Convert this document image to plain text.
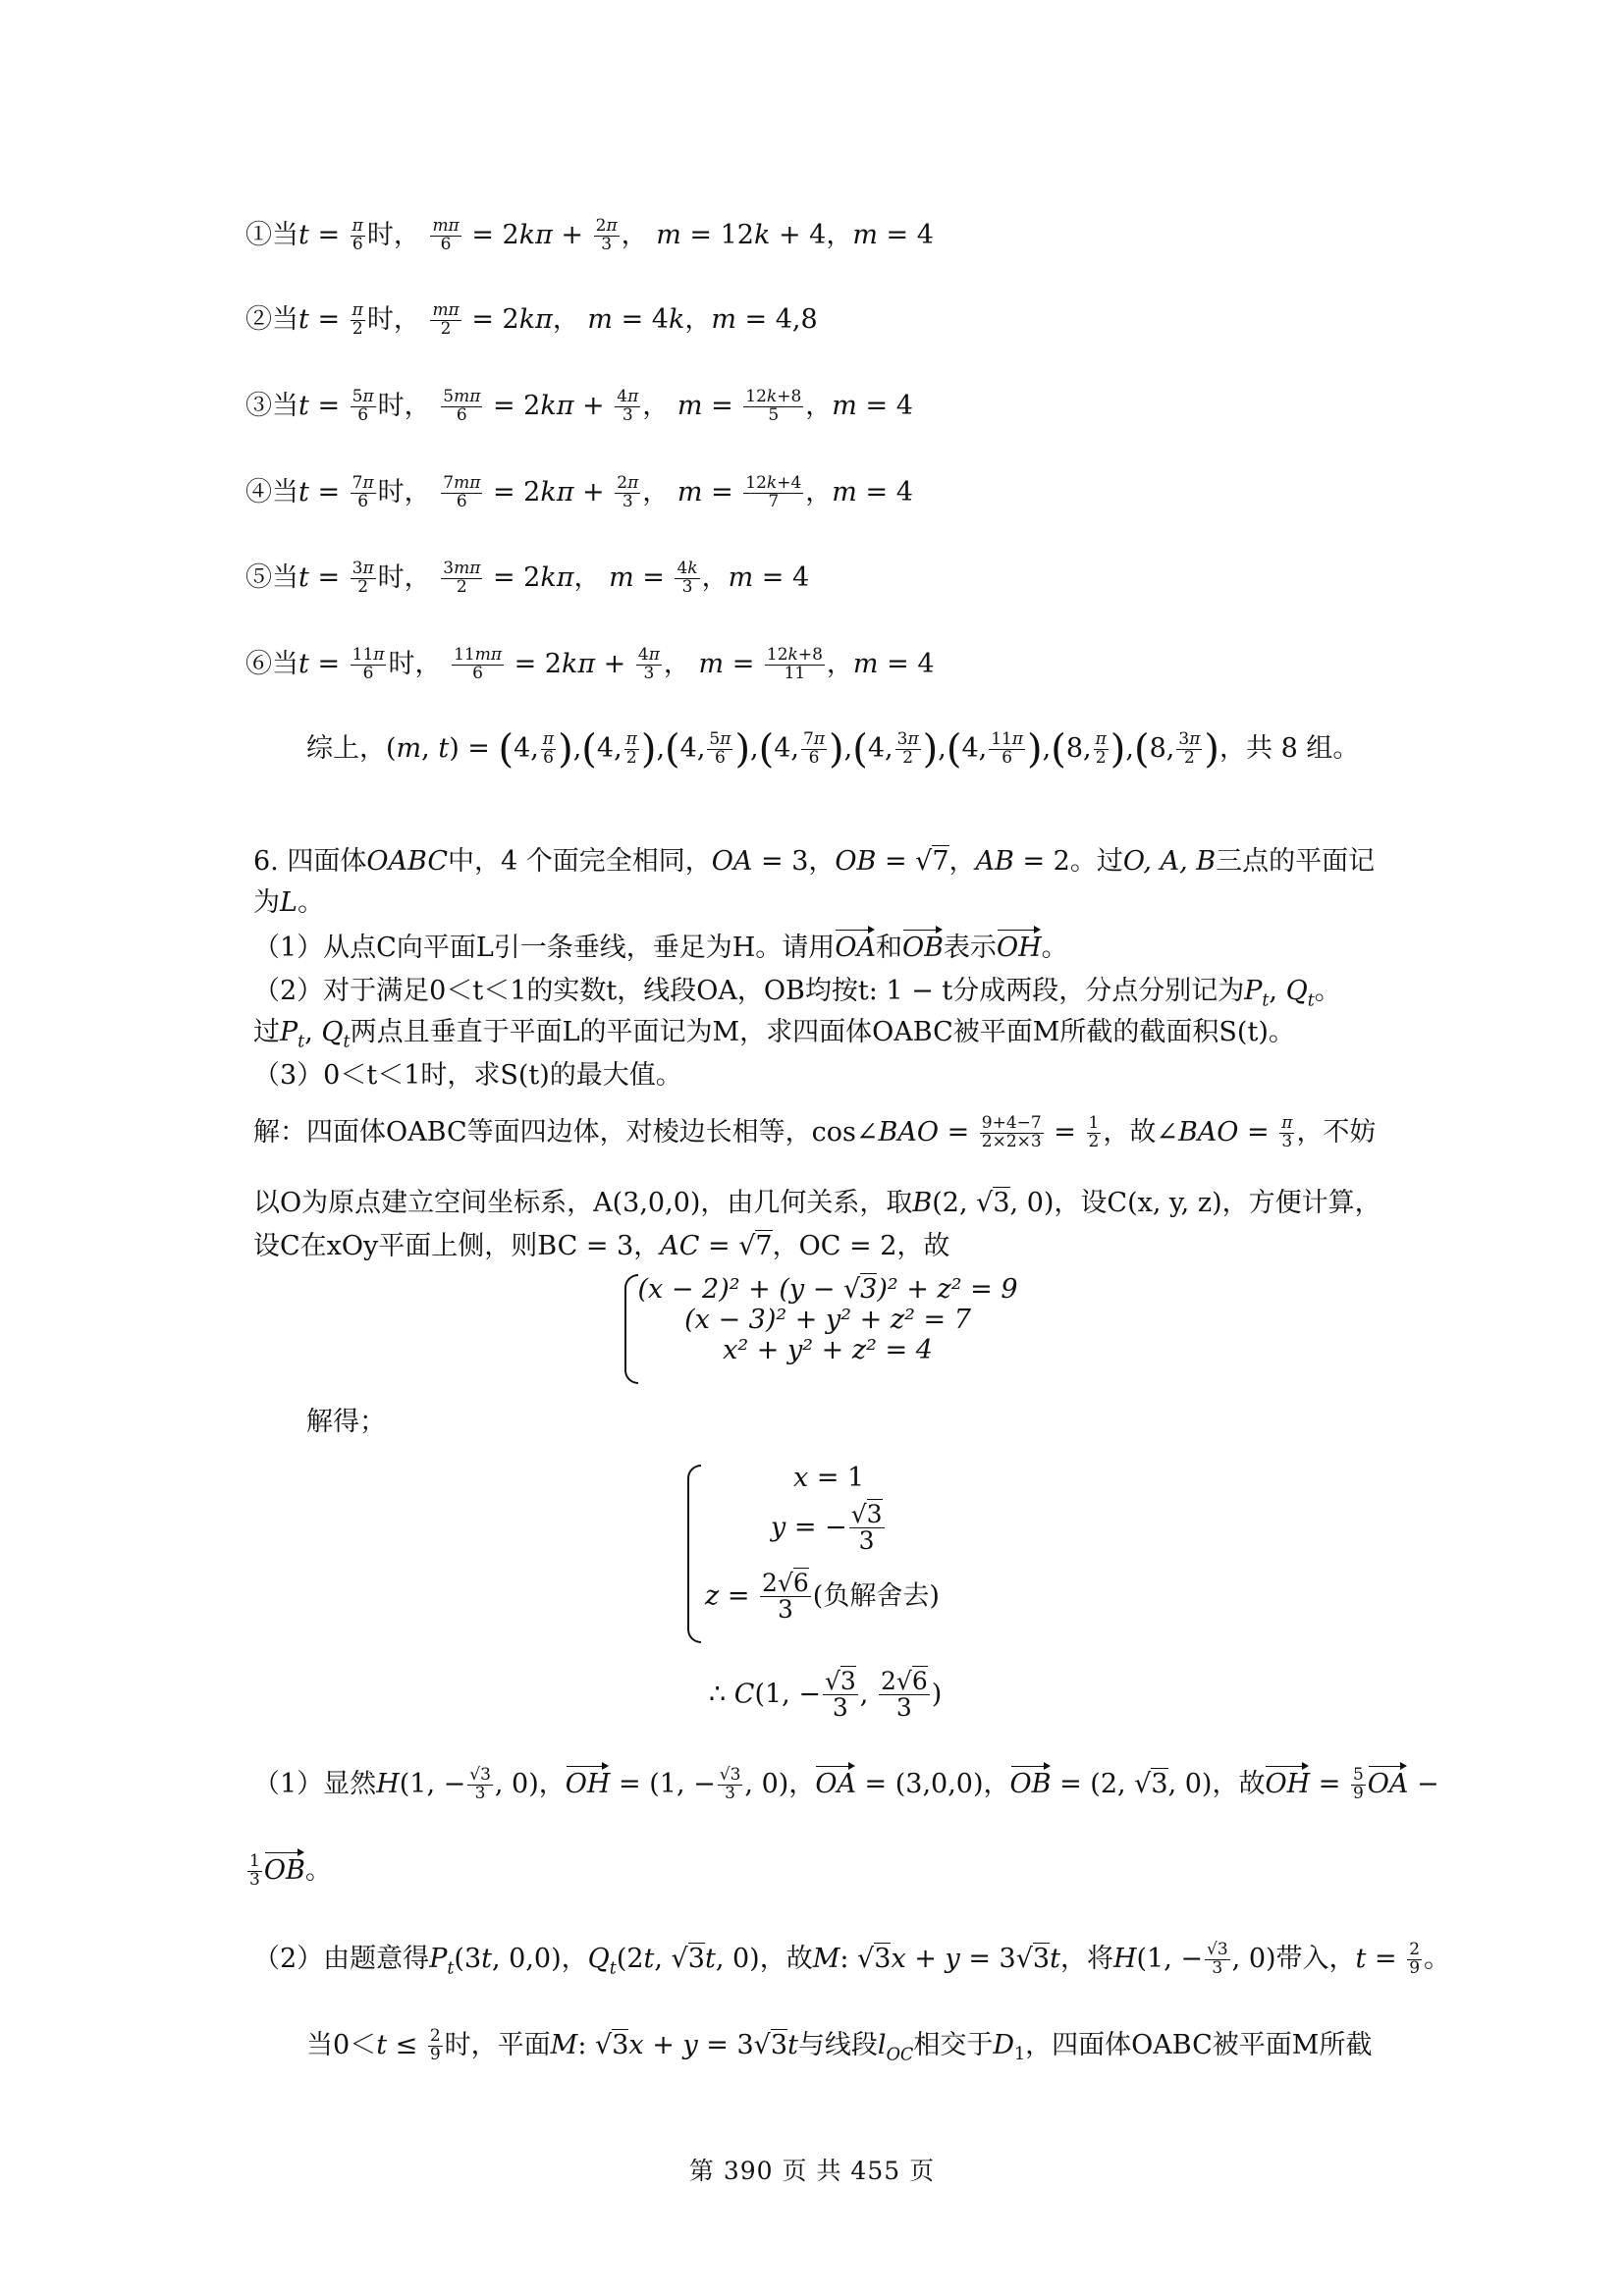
①当$t = \frac{\pi}{6}$ 时， $\frac{m\pi}{6} = 2k\pi + \frac{2\pi}{3}$ ， m = 12k + 4，m = 4
②当$t = \frac{\pi}{2}$ 时， $\frac{m\pi}{2} = 2k\pi$， m = 4k，m = 4,8
③当$t = \frac{5\pi}{6}$ 时， $\frac{5m\pi}{6} = 2k\pi + \frac{4\pi}{3}$ ， $m = \frac{12k+8}{5}$ ，m = 4
④当$t = \frac{7\pi}{6}$ 时， $\frac{7m\pi}{6} = 2k\pi + \frac{2\pi}{3}$ ， $m = \frac{12k+4}{7}$ ，m = 4
⑤当$t = \frac{3\pi}{2}$ 时， $\frac{3m\pi}{2} = 2k\pi$， $m = \frac{4k}{3}$ ，m = 4
⑥当$t = \frac{11\pi}{6}$ 时， $\frac{11m\pi}{6} = 2k\pi + \frac{4\pi}{3}$ ， $m = \frac{12k+8}{11}$ ，m = 4
综上，(m, t) = (4, $\frac{\pi}{6} ),(4$, $\frac{\pi}{2} ),(4$, $\frac{5\pi}{6} ),(4$, $\frac{7\pi}{6} ),(4$, $\frac{3\pi}{2} ),(4$, $\frac{11\pi}{6} ),(8$, $\frac{\pi}{2} ),(8$, $\frac{3\pi}{2}$ )，共 8 组。
6. 四面体OABC中，4 个面完全相同，OA = 3，OB = √7，AB = 2。过O, A, B三点的平面记
为L。
（1）从点C向平面L引一条垂线，垂足为H。请用OA和OB表示OH。
（2）对于满足0＜t＜1的实数t，线段OA，OB均按t: 1 − t分成两段，分点分别记为$P_t$, $Q_t$。
过$P_t$, $Q_t$两点且垂直于平面L的平面记为M，求四面体OABC被平面M所截的截面积S(t)。
（3）0＜t＜1时，求S(t)的最大值。
解：四面体OABC等面四边体，对棱边长相等，cos∠BAO = $\frac{9+4-7}{2\times 2\times 3} = \frac{1}{2}$ ，故∠BAO = $\frac{\pi}{3}$ ，不妨
以O为原点建立空间坐标系，A(3,0,0)，由几何关系，取B(2, √3, 0)，设C(x, y, z)，方便计算，
设C在xOy平面上侧，则BC = 3，AC = √7，OC = 2，故
(x − 2)² + (y − √3)² + z² = 9
(x − 3)² + y² + z² = 7
x² + y² + z² = 4
解得；
x = 1
y = − $\frac{√3}{3}$
$z = \frac{2√6}{3}$ (负解舍去)
∴ C(1, − $\frac{√3}{3}$ , $\frac{2√6}{3}$ )
（1）显然H(1, − $\frac{√3}{3}$ , 0)，OH = (1, − $\frac{√3}{3}$ , 0)，OA = (3,0,0)，OB = (2, √3, 0)，故OH = $\frac{5}{9}$ OA −
$\frac{1}{3}$ OB。
（2）由题意得$P_t(3t$, 0,0)，$Q_t(2t$, √3t, 0)，故M: √3x + y = 3√3t，将H(1, − $\frac{√3}{3}$ , 0)带入，$t = \frac{2}{9}$ 。
当$0<t \le \frac{2}{9}$ 时，平面M: √3x + y = 3√3t与线段$l_{OC}$相交于$D_1$，四面体OABC被平面M所截
第 390 页 共 455 页
